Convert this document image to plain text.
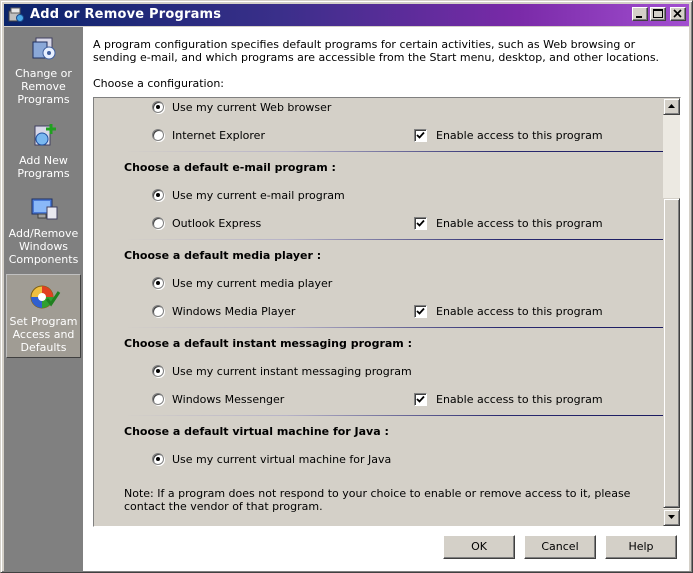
Add or Remove Programs
Change or
Remove
Programs
Add New
Programs
Add/Remove
Windows
Components
Set Program
Access and
Defaults
A program configuration specifies default programs for certain activities, such as Web browsing or sending e-mail, and which programs are accessible from the Start menu, desktop, and other locations.
Choose a configuration:
Use my current Web browser
Internet Explorer	Enable access to this program
Choose a default e-mail program :
Use my current e-mail program
Outlook Express	Enable access to this program
Choose a default media player :
Use my current media player
Windows Media Player	Enable access to this program
Choose a default instant messaging program :
Use my current instant messaging program
Windows Messenger	Enable access to this program
Choose a default virtual machine for Java :
Use my current virtual machine for Java
Note: If a program does not respond to your choice to enable or remove access to it, please contact the vendor of that program.
OK	Cancel	Help
